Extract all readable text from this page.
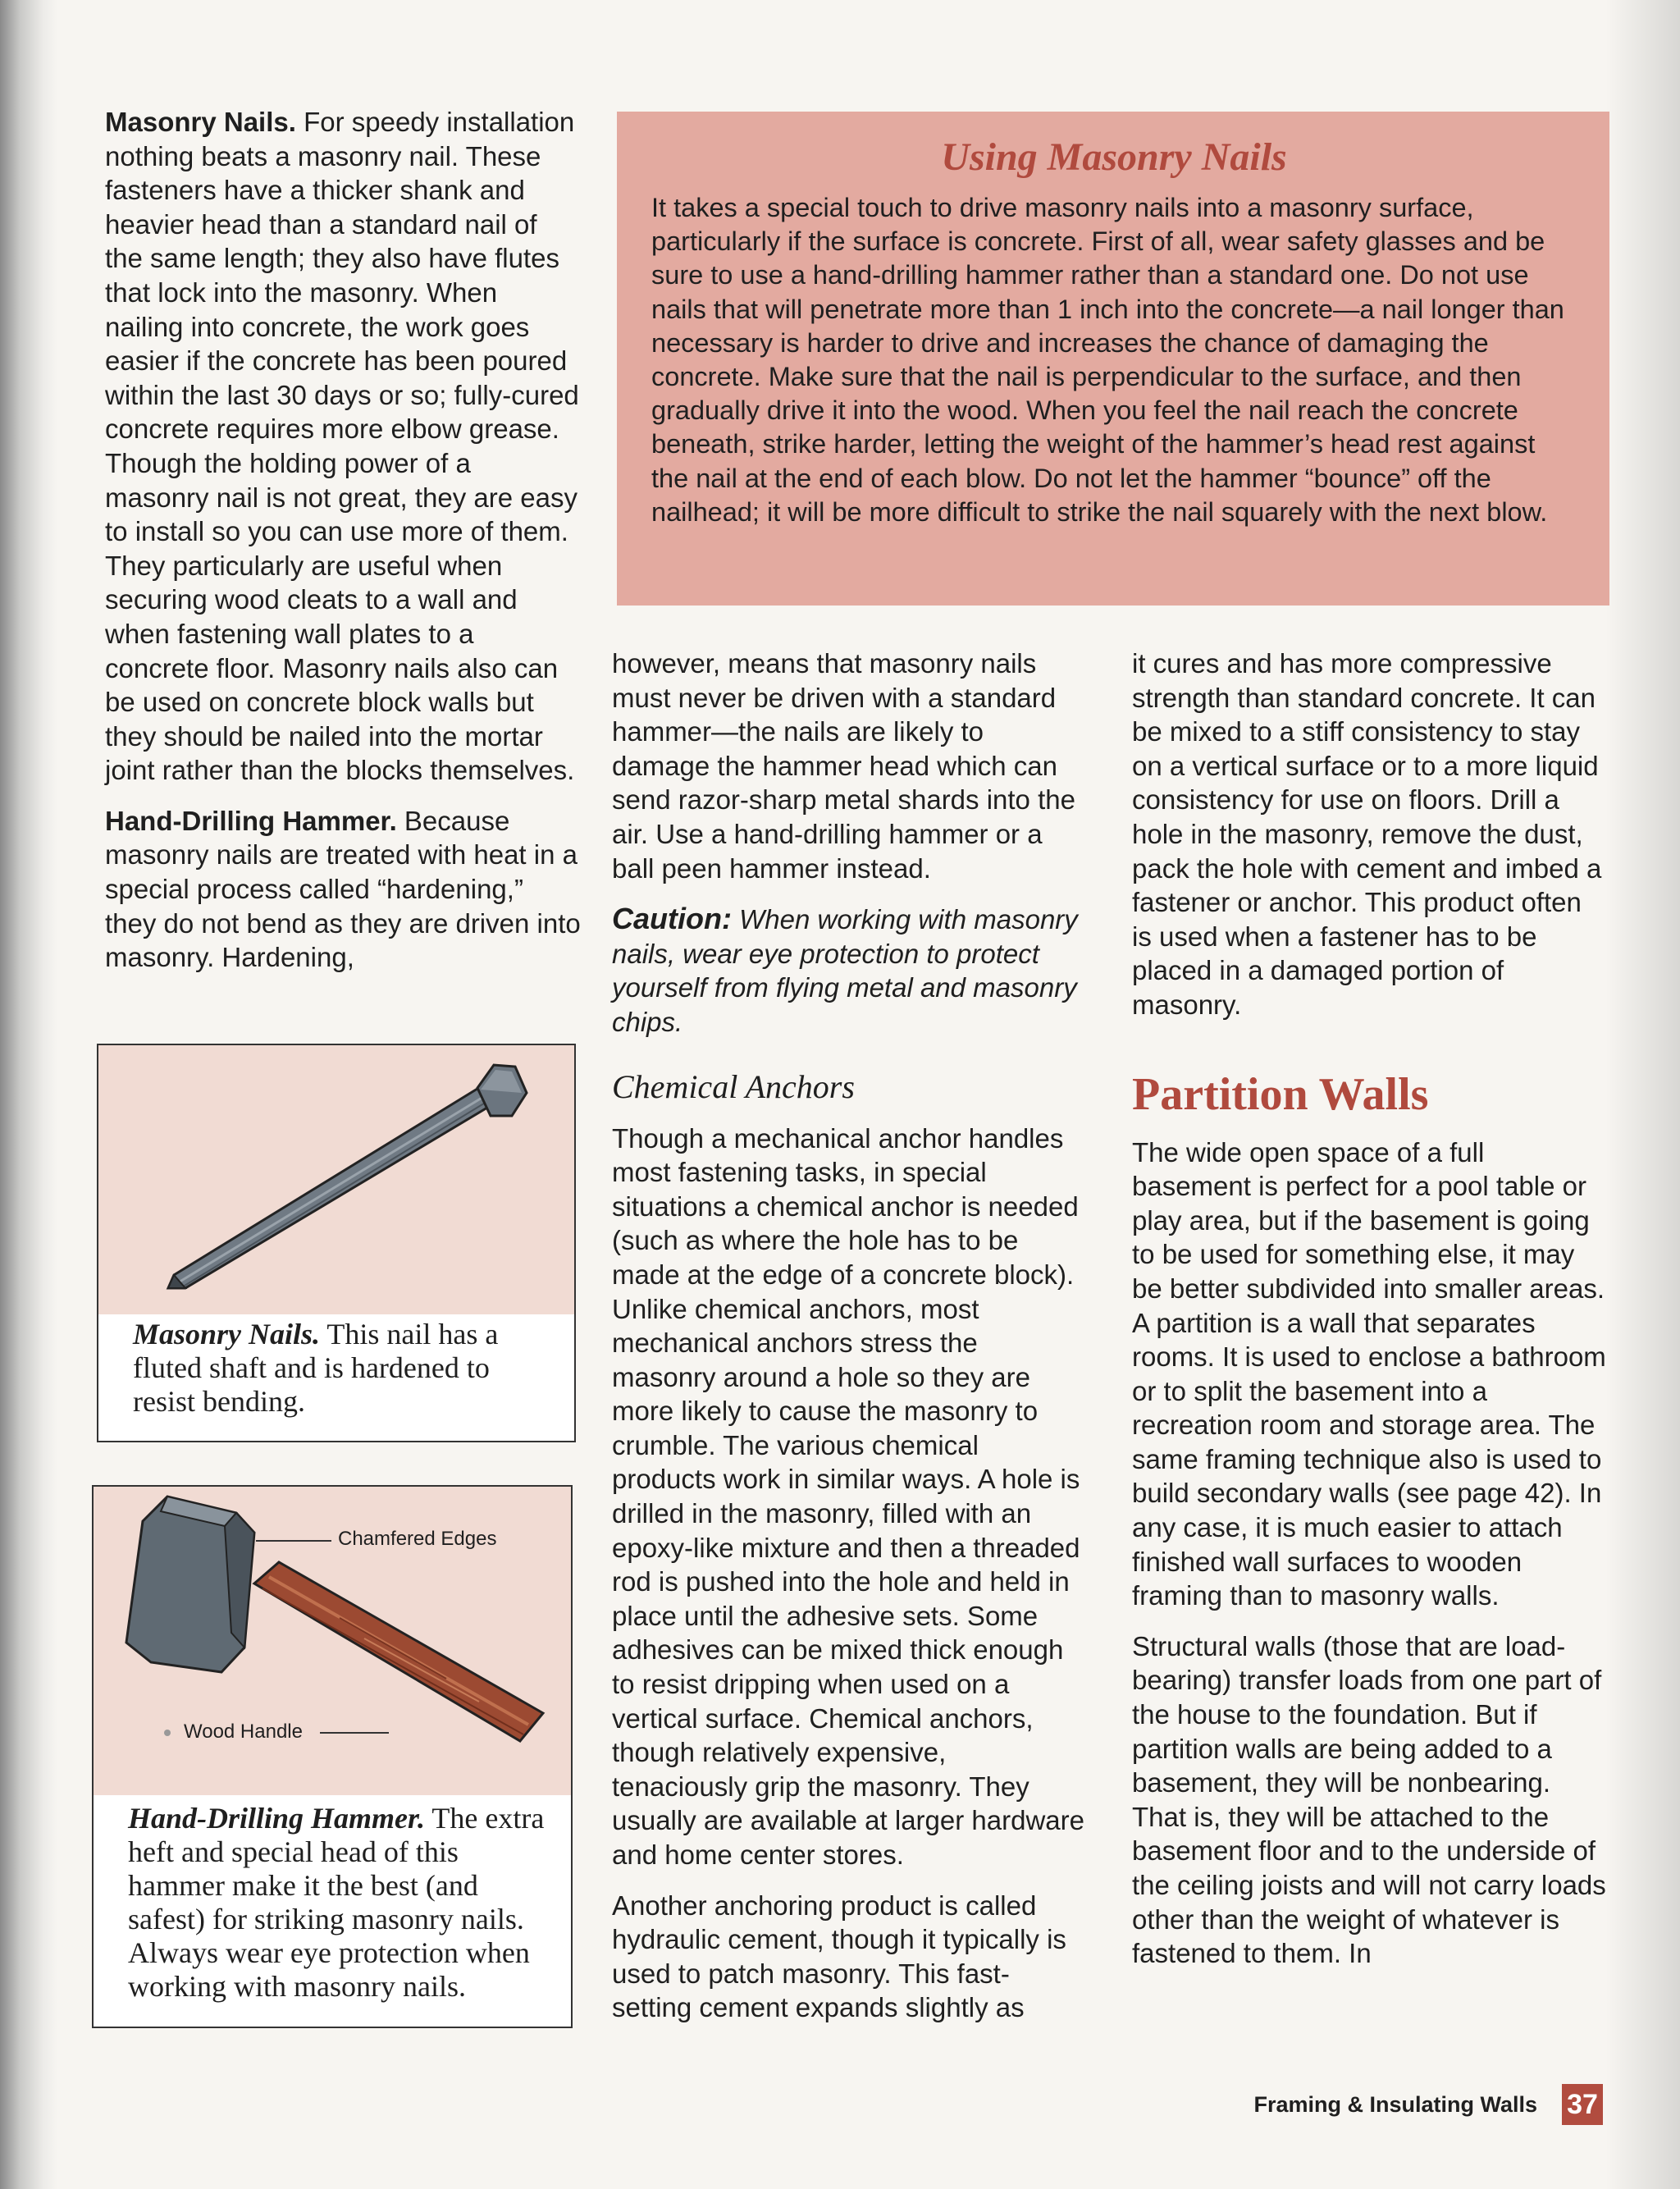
Masonry Nails. For speedy installation nothing beats a masonry nail. These fasteners have a thicker shank and heavier head than a standard nail of the same length; they also have flutes that lock into the masonry. When nailing into concrete, the work goes easier if the concrete has been poured within the last 30 days or so; fully-cured concrete requires more elbow grease. Though the holding power of a masonry nail is not great, they are easy to install so you can use more of them. They particularly are useful when securing wood cleats to a wall and when fastening wall plates to a concrete floor. Masonry nails also can be used on concrete block walls but they should be nailed into the mortar joint rather than the blocks themselves.

Hand-Drilling Hammer. Because masonry nails are treated with heat in a special process called “hardening,” they do not bend as they are driven into masonry. Hardening,

Using Masonry Nails

It takes a special touch to drive masonry nails into a masonry surface, particularly if the surface is concrete. First of all, wear safety glasses and be sure to use a hand-drilling hammer rather than a standard one. Do not use nails that will penetrate more than 1 inch into the concrete—a nail longer than necessary is harder to drive and increases the chance of damaging the concrete. Make sure that the nail is perpendicular to the surface, and then gradually drive it into the wood. When you feel the nail reach the concrete beneath, strike harder, letting the weight of the hammer’s head rest against the nail at the end of each blow. Do not let the hammer “bounce” off the nailhead; it will be more difficult to strike the nail squarely with the next blow.

Masonry Nails. This nail has a fluted shaft and is hardened to resist bending.
Chamfered Edges
Wood Handle
Hand-Drilling Hammer. The extra heft and special head of this hammer make it the best (and safest) for striking masonry nails. Always wear eye protection when working with masonry nails.

however, means that masonry nails must never be driven with a standard hammer—the nails are likely to damage the hammer head which can send razor-sharp metal shards into the air. Use a hand-drilling hammer or a ball peen hammer instead.

Caution: When working with masonry nails, wear eye protection to protect yourself from flying metal and masonry chips.

Chemical Anchors

Though a mechanical anchor handles most fastening tasks, in special situations a chemical anchor is needed (such as where the hole has to be made at the edge of a concrete block). Unlike chemical anchors, most mechanical anchors stress the masonry around a hole so they are more likely to cause the masonry to crumble. The various chemical products work in similar ways. A hole is drilled in the masonry, filled with an epoxy-like mixture and then a threaded rod is pushed into the hole and held in place until the adhesive sets. Some adhesives can be mixed thick enough to resist dripping when used on a vertical surface. Chemical anchors, though relatively expensive, tenaciously grip the masonry. They usually are available at larger hardware and home center stores.

Another anchoring product is called hydraulic cement, though it typically is used to patch masonry. This fast-setting cement expands slightly as

it cures and has more compressive strength than standard concrete. It can be mixed to a stiff consistency to stay on a vertical surface or to a more liquid consistency for use on floors. Drill a hole in the masonry, remove the dust, pack the hole with cement and imbed a fastener or anchor. This product often is used when a fastener has to be placed in a damaged portion of masonry.

Partition Walls

The wide open space of a full basement is perfect for a pool table or play area, but if the basement is going to be used for something else, it may be better subdivided into smaller areas. A partition is a wall that separates rooms. It is used to enclose a bathroom or to split the basement into a recreation room and storage area. The same framing technique also is used to build secondary walls (see page 42). In any case, it is much easier to attach finished wall surfaces to wooden framing than to masonry walls.

Structural walls (those that are load-bearing) transfer loads from one part of the house to the foundation. But if partition walls are being added to a basement, they will be nonbearing. That is, they will be attached to the basement floor and to the underside of the ceiling joists and will not carry loads other than the weight of whatever is fastened to them. In

Framing & Insulating Walls 37
